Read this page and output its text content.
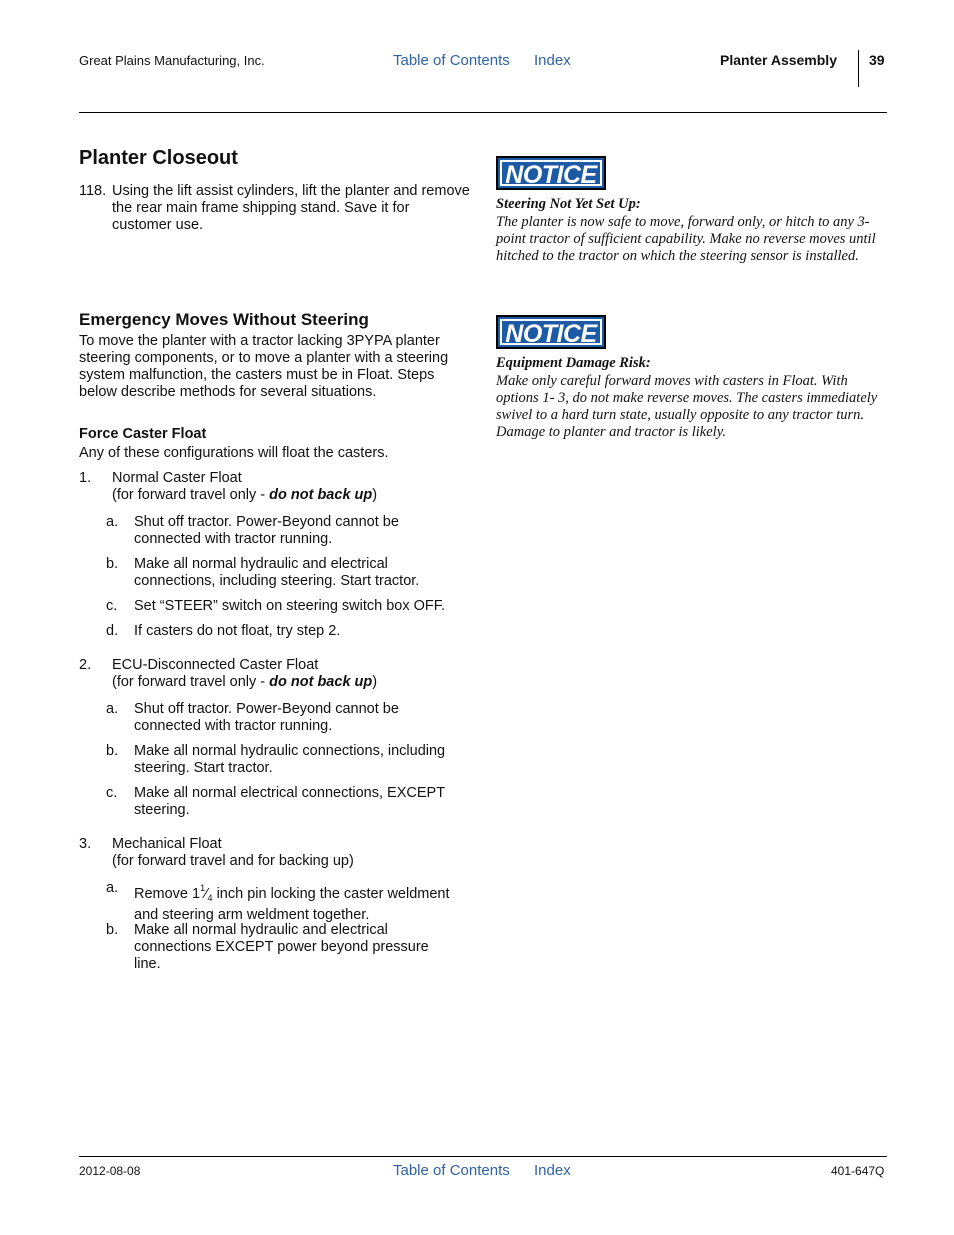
Great Plains Manufacturing, Inc.	Table of Contents Index	Planter Assembly 39
Planter Closeout
118. Using the lift assist cylinders, lift the planter and remove the rear main frame shipping stand. Save it for customer use.
Emergency Moves Without Steering
To move the planter with a tractor lacking 3PYPA planter steering components, or to move a planter with a steering system malfunction, the casters must be in Float. Steps below describe methods for several situations.
Force Caster Float
Any of these configurations will float the casters.
1. Normal Caster Float
(for forward travel only - do not back up)
a. Shut off tractor. Power-Beyond cannot be connected with tractor running.
b. Make all normal hydraulic and electrical connections, including steering. Start tractor.
c. Set “STEER” switch on steering switch box OFF.
d. If casters do not float, try step 2.
2. ECU-Disconnected Caster Float
(for forward travel only - do not back up)
a. Shut off tractor. Power-Beyond cannot be connected with tractor running.
b. Make all normal hydraulic connections, including steering. Start tractor.
c. Make all normal electrical connections, EXCEPT steering.
3. Mechanical Float
(for forward travel and for backing up)
a. Remove $1^1⁄_4$ inch pin locking the caster weldment and steering arm weldment together.
b. Make all normal hydraulic and electrical connections EXCEPT power beyond pressure line.
NOTICE
Steering Not Yet Set Up:
The planter is now safe to move, forward only, or hitch to any 3-point tractor of sufficient capability. Make no reverse moves until hitched to the tractor on which the steering sensor is installed.
NOTICE
Equipment Damage Risk:
Make only careful forward moves with casters in Float. With options 1- 3, do not make reverse moves. The casters immediately swivel to a hard turn state, usually opposite to any tractor turn. Damage to planter and tractor is likely.
2012-08-08	Table of Contents Index	401-647Q
